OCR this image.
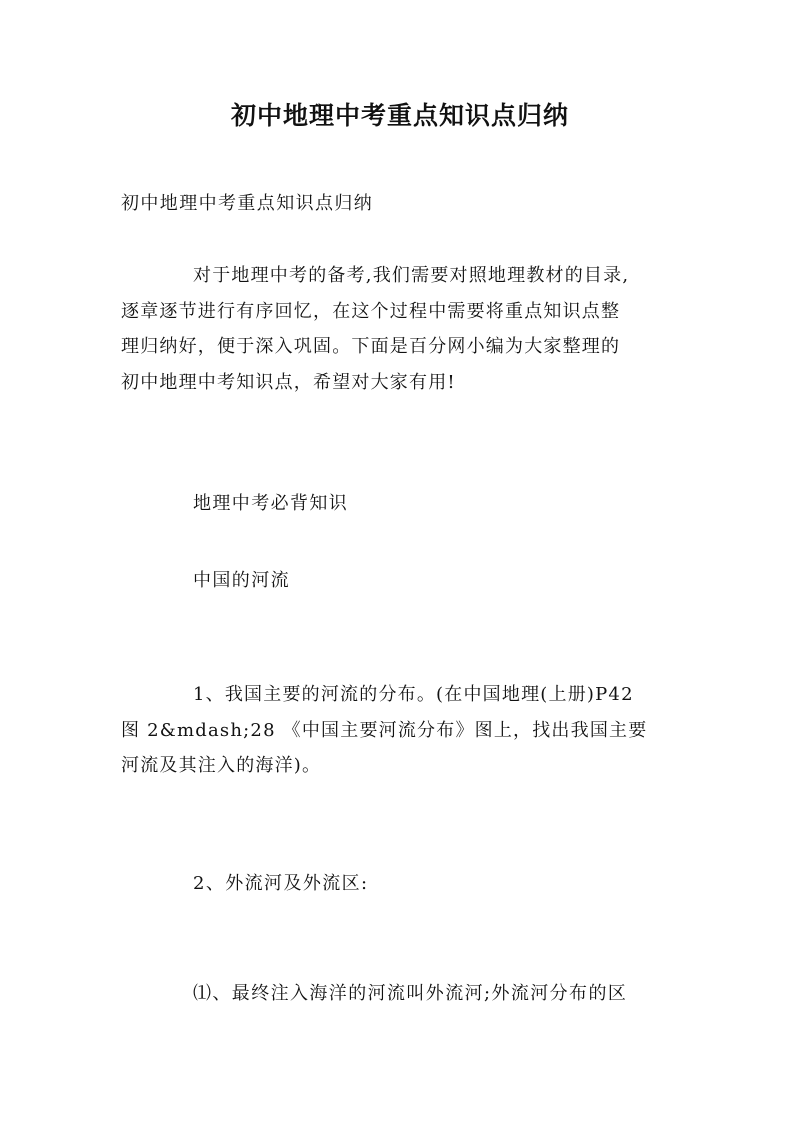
初中地理中考重点知识点归纳
初中地理中考重点知识点归纳
对于地理中考的备考,我们需要对照地理教材的目录,
逐章逐节进行有序回忆，在这个过程中需要将重点知识点整
理归纳好，便于深入巩固。下面是百分网小编为大家整理的
初中地理中考知识点，希望对大家有用!
地理中考必背知识
中国的河流
1、我国主要的河流的分布。(在中国地理(上册)P42
图 2&mdash;28 《中国主要河流分布》图上，找出我国主要
河流及其注入的海洋)。
2、外流河及外流区:
⑴、最终注入海洋的河流叫外流河;外流河分布的区
